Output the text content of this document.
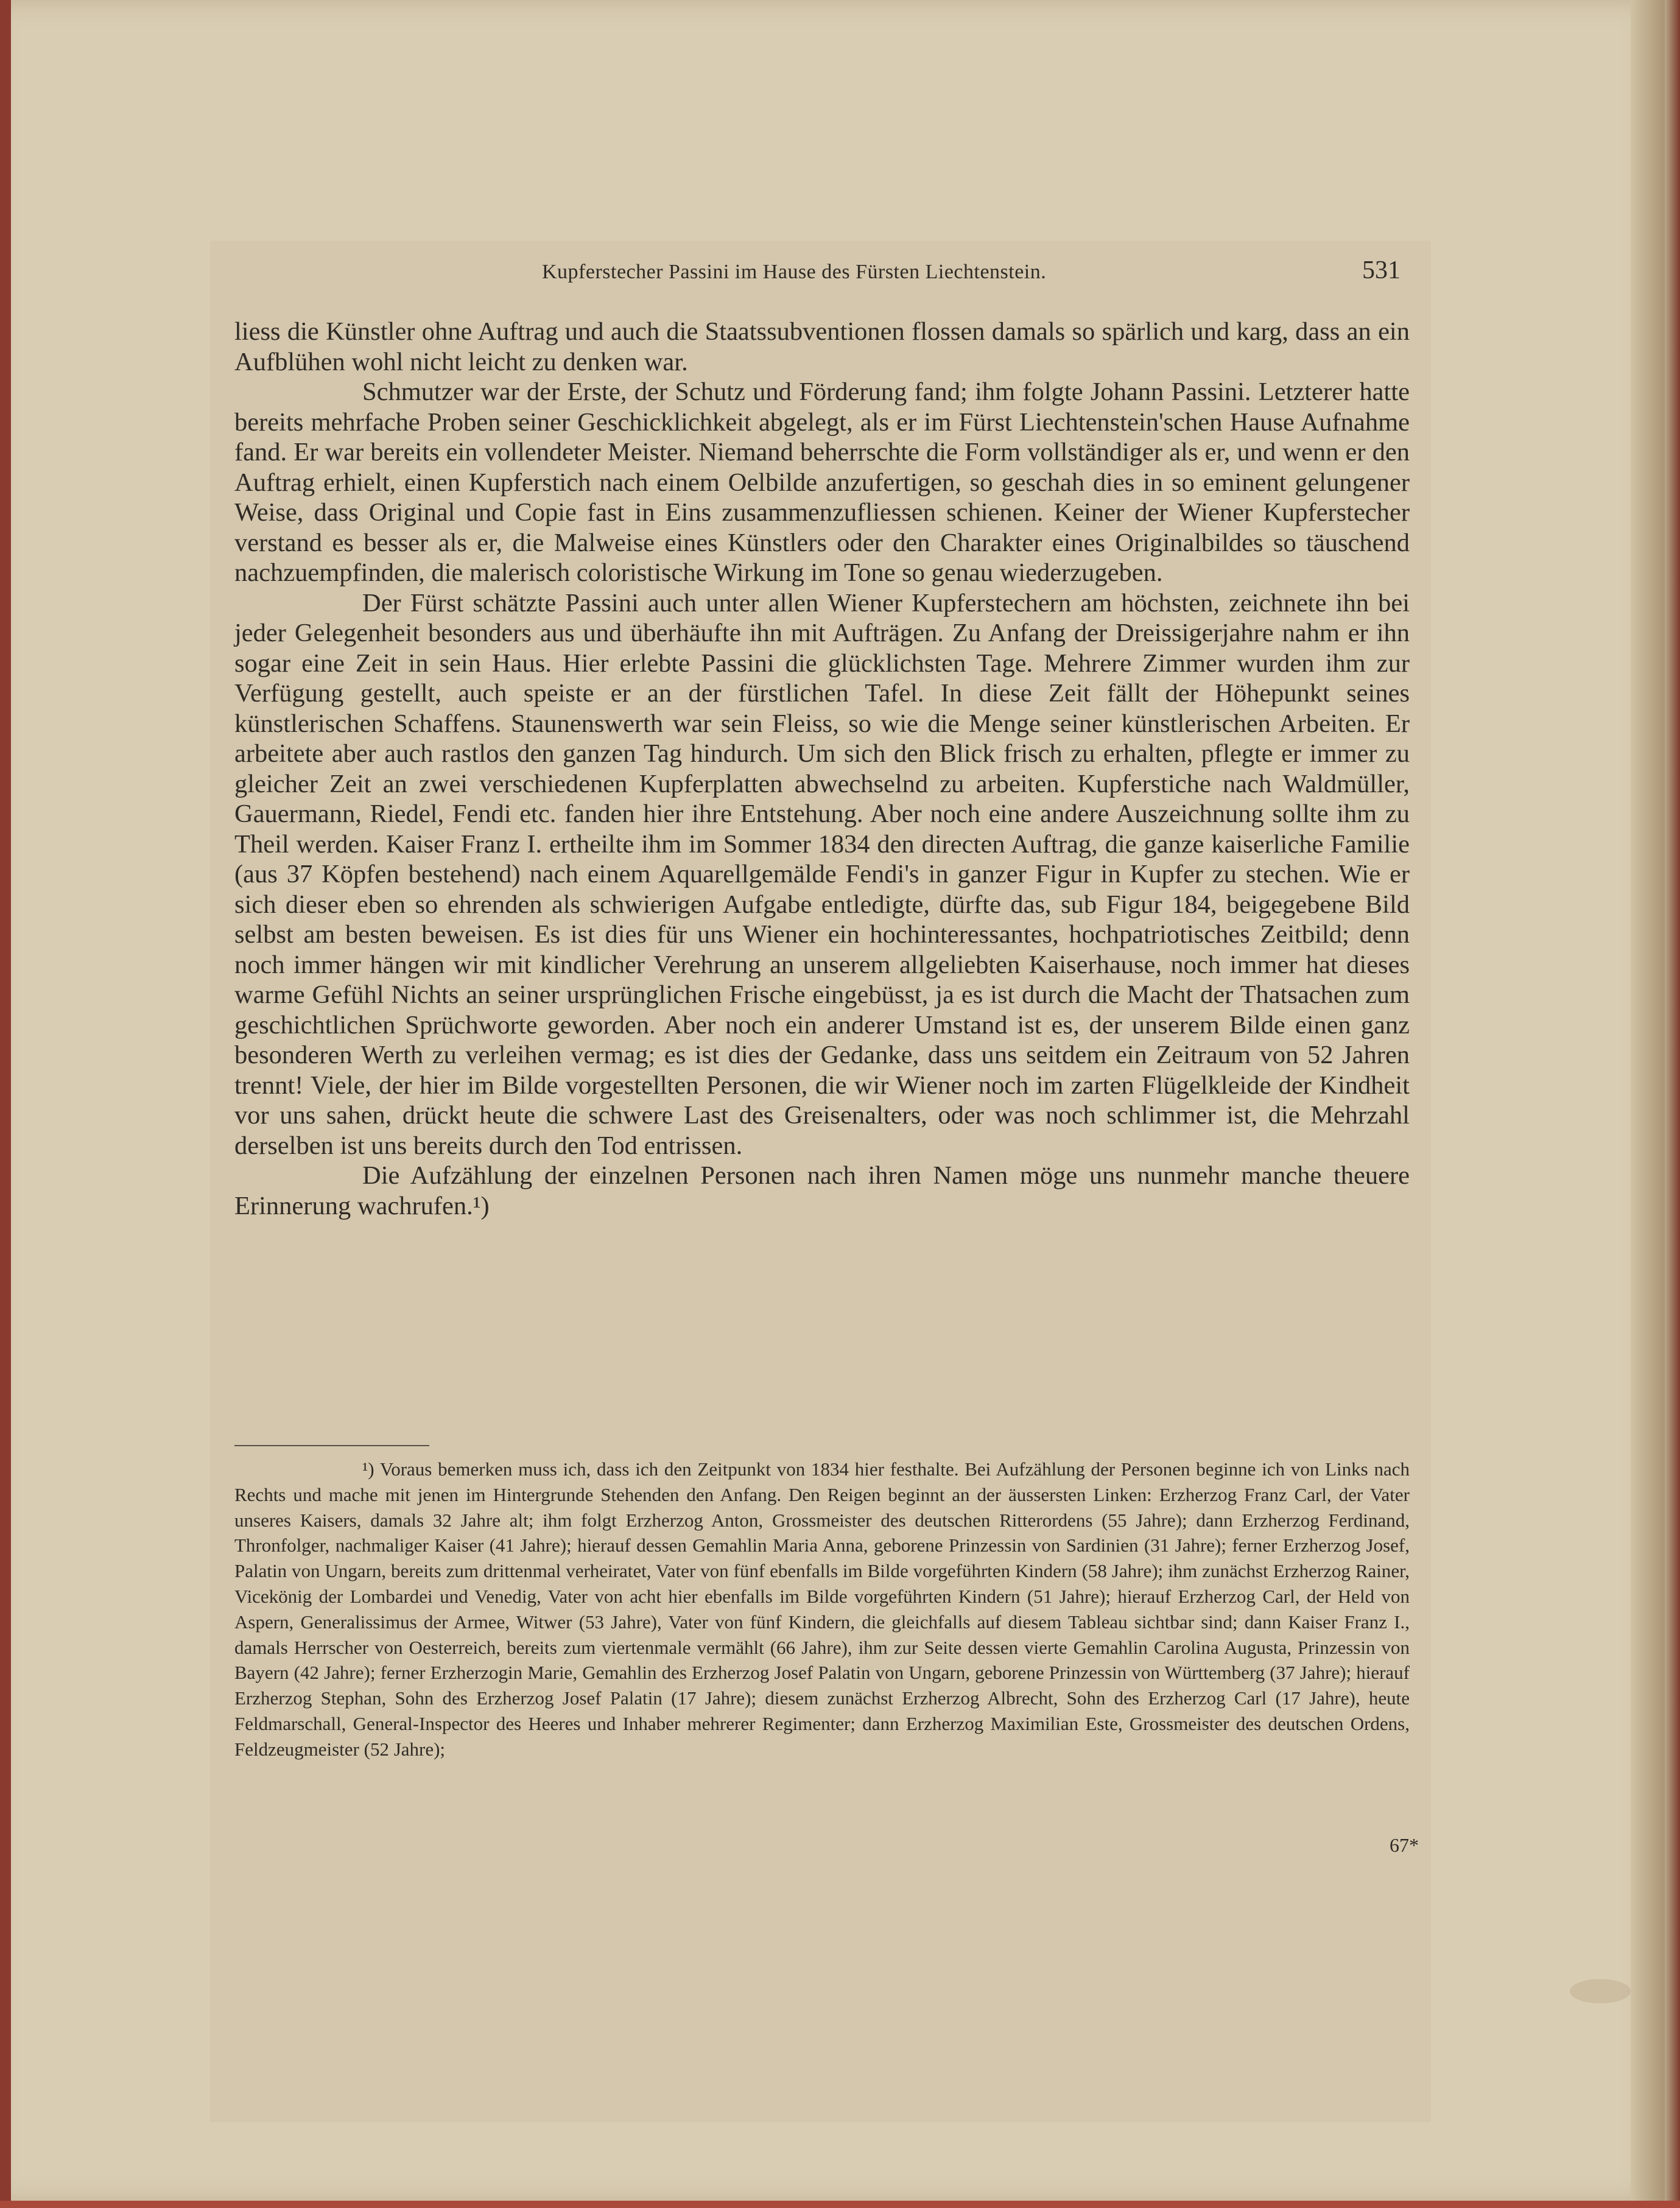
Kupferstecher Passini im Hause des Fürsten Liechtenstein.	531

liess die Künstler ohne Auftrag und auch die Staatssubventionen flossen damals so spärlich und karg, dass an ein Aufblühen wohl nicht leicht zu denken war.

Schmutzer war der Erste, der Schutz und Förderung fand; ihm folgte Johann Passini. Letzterer hatte bereits mehrfache Proben seiner Geschicklichkeit abgelegt, als er im Fürst Liechtenstein'schen Hause Aufnahme fand. Er war bereits ein vollendeter Meister. Niemand beherrschte die Form vollständiger als er, und wenn er den Auftrag erhielt, einen Kupferstich nach einem Oelbilde anzufertigen, so geschah dies in so eminent gelungener Weise, dass Original und Copie fast in Eins zusammenzufliessen schienen. Keiner der Wiener Kupferstecher verstand es besser als er, die Malweise eines Künstlers oder den Charakter eines Originalbildes so täuschend nachzuempfinden, die malerisch coloristische Wirkung im Tone so genau wiederzugeben.

Der Fürst schätzte Passini auch unter allen Wiener Kupferstechern am höchsten, zeichnete ihn bei jeder Gelegenheit besonders aus und überhäufte ihn mit Aufträgen. Zu Anfang der Dreissigerjahre nahm er ihn sogar eine Zeit in sein Haus. Hier erlebte Passini die glücklichsten Tage. Mehrere Zimmer wurden ihm zur Verfügung gestellt, auch speiste er an der fürstlichen Tafel. In diese Zeit fällt der Höhepunkt seines künstlerischen Schaffens. Staunenswerth war sein Fleiss, so wie die Menge seiner künstlerischen Arbeiten. Er arbeitete aber auch rastlos den ganzen Tag hindurch. Um sich den Blick frisch zu erhalten, pflegte er immer zu gleicher Zeit an zwei verschiedenen Kupferplatten abwechselnd zu arbeiten. Kupferstiche nach Waldmüller, Gauermann, Riedel, Fendi etc. fanden hier ihre Entstehung. Aber noch eine andere Auszeichnung sollte ihm zu Theil werden. Kaiser Franz I. ertheilte ihm im Sommer 1834 den directen Auftrag, die ganze kaiserliche Familie (aus 37 Köpfen bestehend) nach einem Aquarellgemälde Fendi's in ganzer Figur in Kupfer zu stechen. Wie er sich dieser eben so ehrenden als schwierigen Aufgabe entledigte, dürfte das, sub Figur 184, beigegebene Bild selbst am besten beweisen. Es ist dies für uns Wiener ein hochinteressantes, hochpatriotisches Zeitbild; denn noch immer hängen wir mit kindlicher Verehrung an unserem allgeliebten Kaiserhause, noch immer hat dieses warme Gefühl Nichts an seiner ursprünglichen Frische eingebüsst, ja es ist durch die Macht der Thatsachen zum geschichtlichen Sprüchworte geworden. Aber noch ein anderer Umstand ist es, der unserem Bilde einen ganz besonderen Werth zu verleihen vermag; es ist dies der Gedanke, dass uns seitdem ein Zeitraum von 52 Jahren trennt! Viele, der hier im Bilde vorgestellten Personen, die wir Wiener noch im zarten Flügelkleide der Kindheit vor uns sahen, drückt heute die schwere Last des Greisenalters, oder was noch schlimmer ist, die Mehrzahl derselben ist uns bereits durch den Tod entrissen.

Die Aufzählung der einzelnen Personen nach ihren Namen möge uns nunmehr manche theuere Erinnerung wachrufen.¹)

¹) Voraus bemerken muss ich, dass ich den Zeitpunkt von 1834 hier festhalte. Bei Aufzählung der Personen beginne ich von Links nach Rechts und mache mit jenen im Hintergrunde Stehenden den Anfang. Den Reigen beginnt an der äussersten Linken: Erzherzog Franz Carl, der Vater unseres Kaisers, damals 32 Jahre alt; ihm folgt Erzherzog Anton, Grossmeister des deutschen Ritterordens (55 Jahre); dann Erzherzog Ferdinand, Thronfolger, nachmaliger Kaiser (41 Jahre); hierauf dessen Gemahlin Maria Anna, geborene Prinzessin von Sardinien (31 Jahre); ferner Erzherzog Josef, Palatin von Ungarn, bereits zum drittenmal verheiratet, Vater von fünf ebenfalls im Bilde vorgeführten Kindern (58 Jahre); ihm zunächst Erzherzog Rainer, Vicekönig der Lombardei und Venedig, Vater von acht hier ebenfalls im Bilde vorgeführten Kindern (51 Jahre); hierauf Erzherzog Carl, der Held von Aspern, Generalissimus der Armee, Witwer (53 Jahre), Vater von fünf Kindern, die gleichfalls auf diesem Tableau sichtbar sind; dann Kaiser Franz I., damals Herrscher von Oesterreich, bereits zum viertenmale vermählt (66 Jahre), ihm zur Seite dessen vierte Gemahlin Carolina Augusta, Prinzessin von Bayern (42 Jahre); ferner Erzherzogin Marie, Gemahlin des Erzherzog Josef Palatin von Ungarn, geborene Prinzessin von Württemberg (37 Jahre); hierauf Erzherzog Stephan, Sohn des Erzherzog Josef Palatin (17 Jahre); diesem zunächst Erzherzog Albrecht, Sohn des Erzherzog Carl (17 Jahre), heute Feldmarschall, General-Inspector des Heeres und Inhaber mehrerer Regimenter; dann Erzherzog Maximilian Este, Grossmeister des deutschen Ordens, Feldzeugmeister (52 Jahre);

67*
